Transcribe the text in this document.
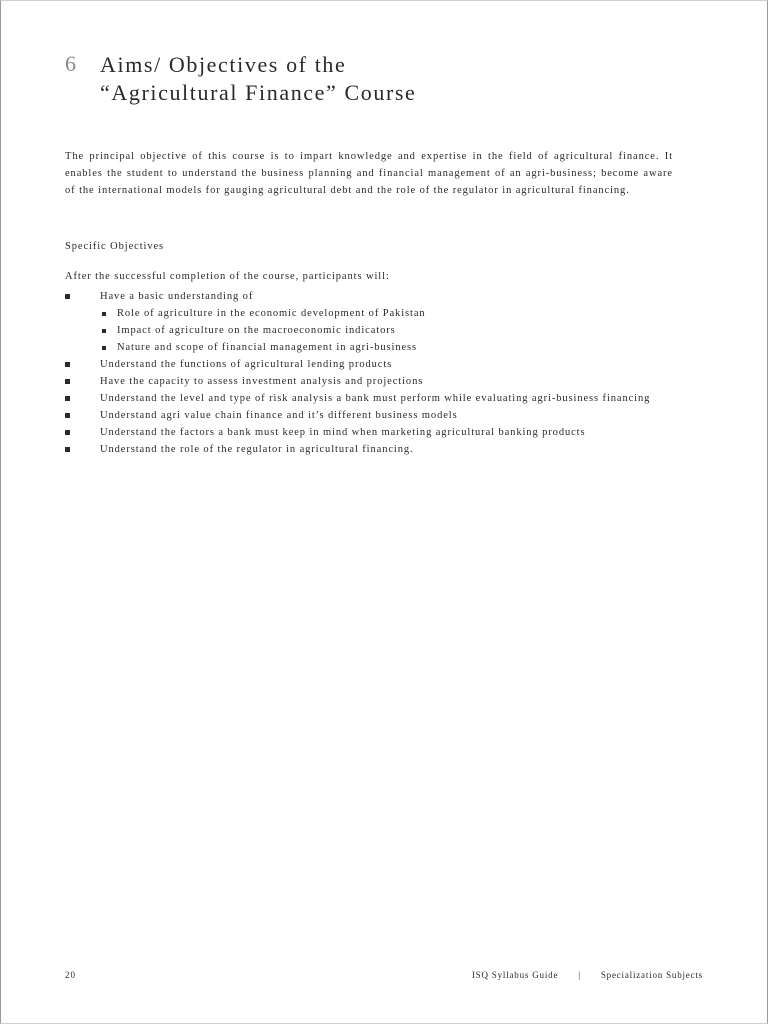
6 Aims/ Objectives of the
“Agricultural Finance” Course

The principal objective of this course is to impart knowledge and expertise in the field of agricultural finance. It enables the student to understand the business planning and financial management of an agri-business; become aware of the international models for gauging agricultural debt and the role of the regulator in agricultural financing.

Specific Objectives

After the successful completion of the course, participants will:

Have a basic understanding of
Role of agriculture in the economic development of Pakistan
Impact of agriculture on the macroeconomic indicators
Nature and scope of financial management in agri-business
Understand the functions of agricultural lending products
Have the capacity to assess investment analysis and projections
Understand the level and type of risk analysis a bank must perform while evaluating agri-business financing
Understand agri value chain finance and it’s different business models
Understand the factors a bank must keep in mind when marketing agricultural banking products
Understand the role of the regulator in agricultural financing.
20	ISQ Syllabus Guide | Specialization Subjects
